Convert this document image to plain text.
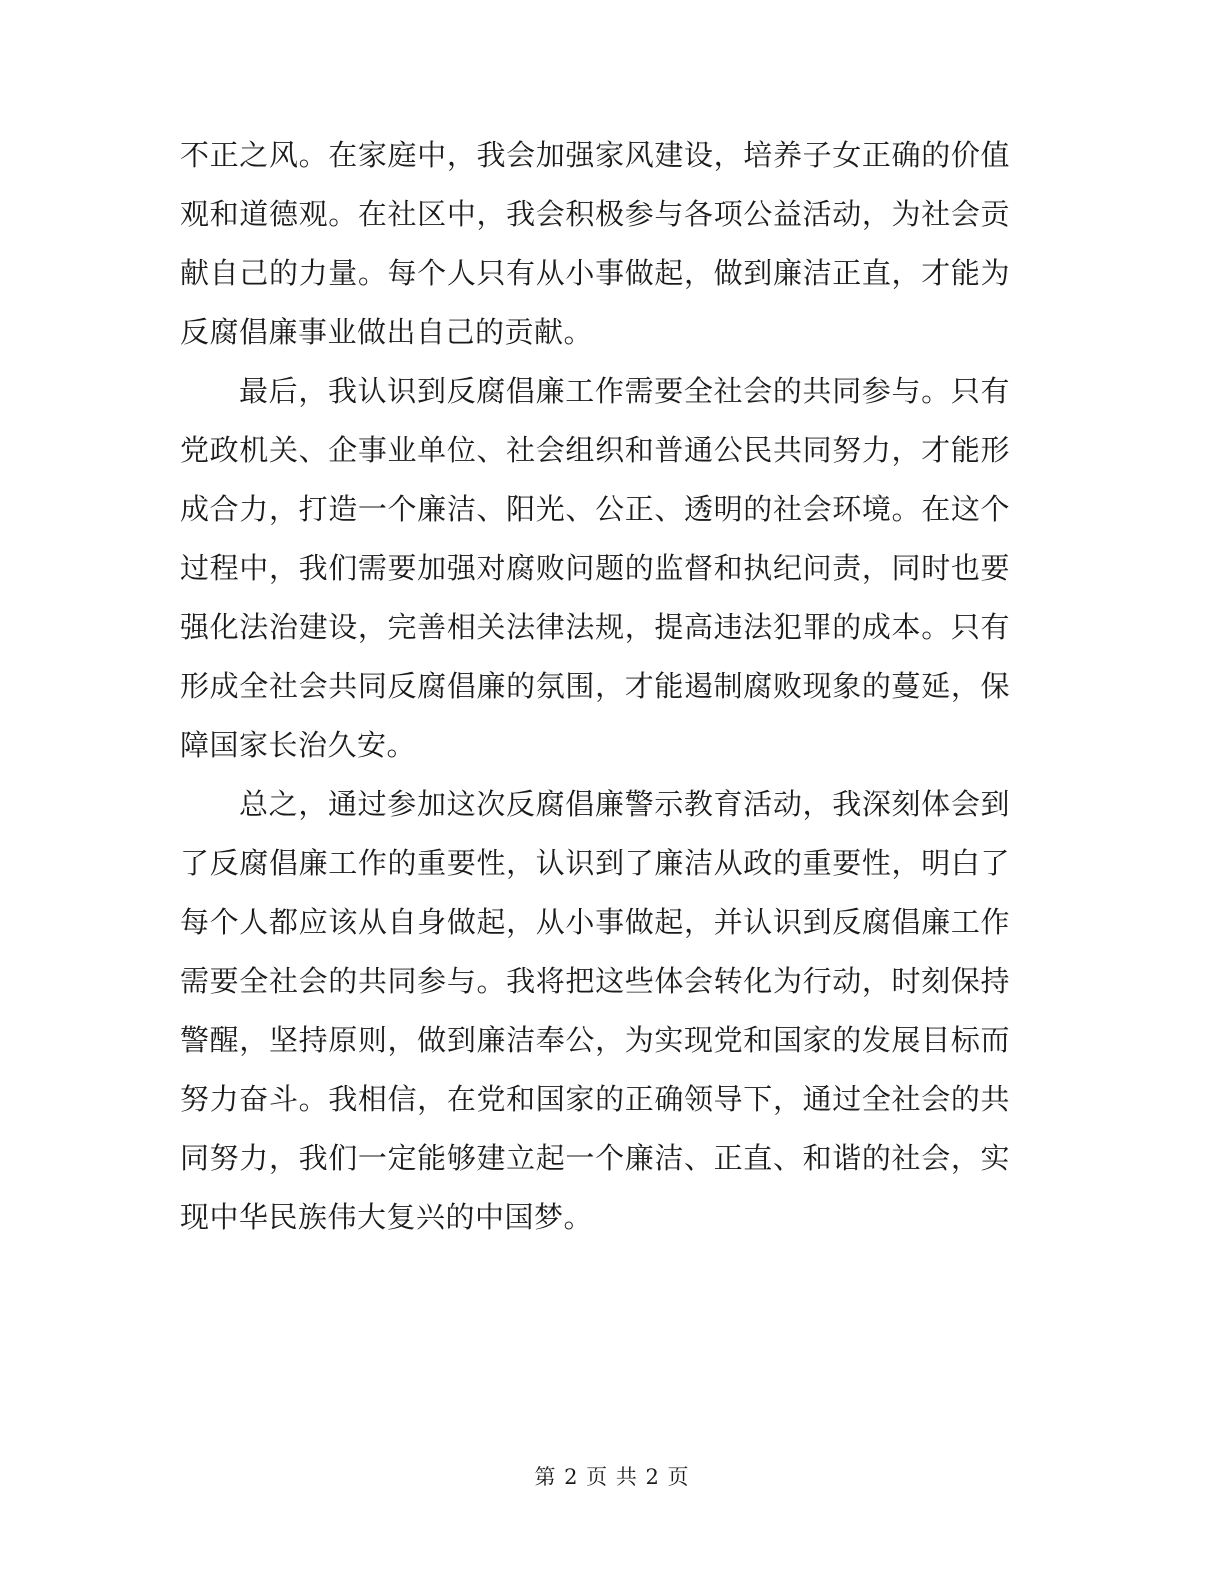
不正之风。在家庭中，我会加强家风建设，培养子女正确的价值观和道德观。在社区中，我会积极参与各项公益活动，为社会贡献自己的力量。每个人只有从小事做起，做到廉洁正直，才能为反腐倡廉事业做出自己的贡献。

最后，我认识到反腐倡廉工作需要全社会的共同参与。只有党政机关、企事业单位、社会组织和普通公民共同努力，才能形成合力，打造一个廉洁、阳光、公正、透明的社会环境。在这个过程中，我们需要加强对腐败问题的监督和执纪问责，同时也要强化法治建设，完善相关法律法规，提高违法犯罪的成本。只有形成全社会共同反腐倡廉的氛围，才能遏制腐败现象的蔓延，保障国家长治久安。

总之，通过参加这次反腐倡廉警示教育活动，我深刻体会到了反腐倡廉工作的重要性，认识到了廉洁从政的重要性，明白了每个人都应该从自身做起，从小事做起，并认识到反腐倡廉工作需要全社会的共同参与。我将把这些体会转化为行动，时刻保持警醒，坚持原则，做到廉洁奉公，为实现党和国家的发展目标而努力奋斗。我相信，在党和国家的正确领导下，通过全社会的共同努力，我们一定能够建立起一个廉洁、正直、和谐的社会，实现中华民族伟大复兴的中国梦。

第 2 页 共 2 页
